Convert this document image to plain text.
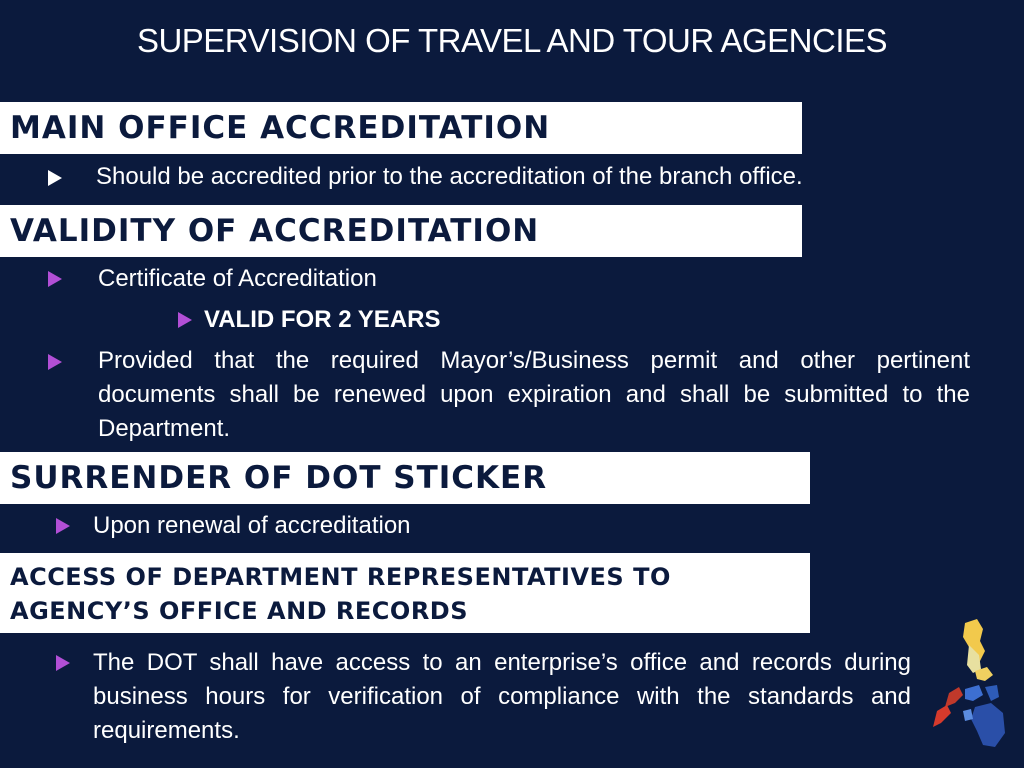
SUPERVISION OF TRAVEL AND TOUR AGENCIES
MAIN OFFICE ACCREDITATION
Should be accredited prior to the accreditation of the branch office.
VALIDITY OF ACCREDITATION
Certificate of Accreditation
VALID FOR 2 YEARS
Provided that the required Mayor’s/Business permit and other pertinent documents shall be renewed upon expiration and shall be submitted to the Department.
SURRENDER OF DOT STICKER
Upon renewal of accreditation
ACCESS OF DEPARTMENT REPRESENTATIVES TO
AGENCY’S OFFICE AND RECORDS
The DOT shall have access to an enterprise’s office and records during business hours for verification of compliance with the standards and requirements.
